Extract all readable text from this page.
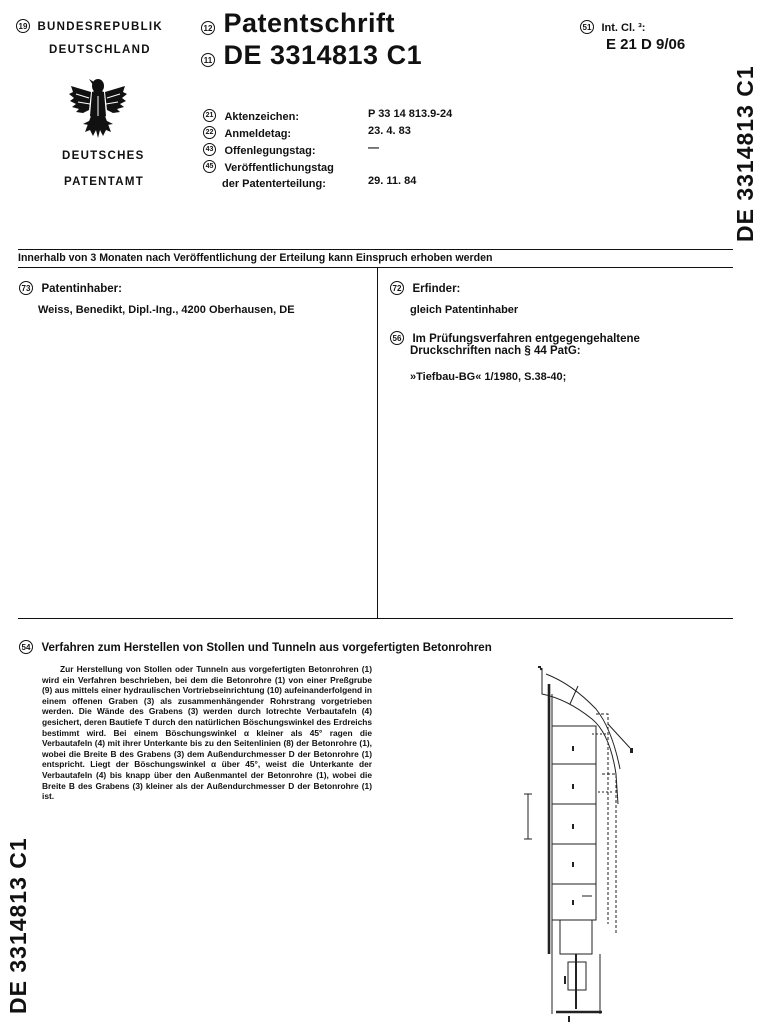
19 BUNDESREPUBLIK
DEUTSCHLAND
DEUTSCHES
PATENTAMT
12 Patentschrift
11 DE 3314813 C1
51 Int. Cl. ³:
E 21 D 9/06
DE 3314813 C1
21 Aktenzeichen:	P 33 14 813.9-24
22 Anmeldetag:	23. 4. 83
43 Offenlegungstag:	—
45 Veröffentlichungstag
der Patenterteilung:	29. 11. 84
Innerhalb von 3 Monaten nach Veröffentlichung der Erteilung kann Einspruch erhoben werden
73 Patentinhaber:
Weiss, Benedikt, Dipl.-Ing., 4200 Oberhausen, DE
72 Erfinder:
gleich Patentinhaber
56 Im Prüfungsverfahren entgegengehaltene
Druckschriften nach § 44 PatG:
»Tiefbau-BG« 1/1980, S.38-40;
54 Verfahren zum Herstellen von Stollen und Tunneln aus vorgefertigten Betonrohren
Zur Herstellung von Stollen oder Tunneln aus vorgefertigten Betonrohren (1) wird ein Verfahren beschrieben, bei dem die Betonrohre (1) von einer Preßgrube (9) aus mittels einer hydraulischen Vortriebseinrichtung (10) aufeinanderfolgend in einem offenen Graben (3) als zusammenhängender Rohrstrang vorgetrieben werden. Die Wände des Grabens (3) werden durch lotrechte Verbautafeln (4) gesichert, deren Bautiefe T durch den natürlichen Böschungswinkel des Erdreichs bestimmt wird. Bei einem Böschungswinkel α kleiner als 45° ragen die Verbautafeln (4) mit ihrer Unterkante bis zu den Seitenlinien (8) der Betonrohre (1), wobei die Breite B des Grabens (3) dem Außendurchmesser D der Betonrohre (1) entspricht. Liegt der Böschungswinkel α über 45°, weist die Unterkante der Verbautafeln (4) bis knapp über den Außenmantel der Betonrohre (1), wobei die Breite B des Grabens (3) kleiner als der Außendurchmesser D der Betonrohre (1) ist.
DE 3314813 C1
